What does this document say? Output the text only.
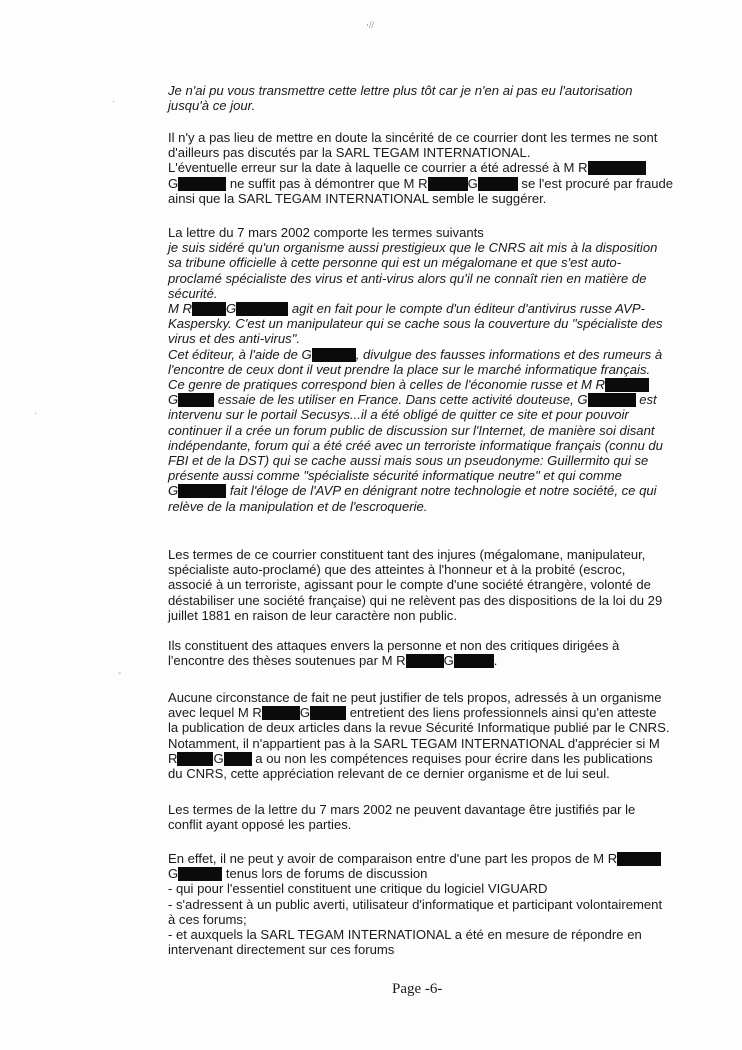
·//
Je n'ai pu vous transmettre cette lettre plus tôt car je n'en ai pas eu l'autorisation
jusqu'à ce jour.
Il n'y a pas lieu de mettre en doute la sincérité de ce courrier dont les termes ne sont
d'ailleurs pas discutés par la SARL TEGAM INTERNATIONAL.
L'éventuelle erreur sur la date à laquelle ce courrier a été adressé à M R
G	ne suffit pas à démontrer que M R	G	se l'est procuré par fraude
ainsi que la SARL TEGAM INTERNATIONAL semble le suggérer.
La lettre du 7 mars 2002 comporte les termes suivants
je suis sidéré qu'un organisme aussi prestigieux que le CNRS ait mis à la disposition
sa tribune officielle à cette personne qui est un mégalomane et que s'est auto-
proclamé spécialiste des virus et anti-virus alors qu'il ne connaît rien en matière de
sécurité.
M R	G	agit en fait pour le compte d'un éditeur d'antivirus russe AVP-
Kaspersky. C'est un manipulateur qui se cache sous la couverture du "spécialiste des
virus et des anti-virus".
Cet éditeur, à l'aide de G	, divulgue des fausses informations et des rumeurs à
l'encontre de ceux dont il veut prendre la place sur le marché informatique français.
Ce genre de pratiques correspond bien à celles de l'économie russe et M R
G	essaie de les utiliser en France. Dans cette activité douteuse, G	est
intervenu sur le portail Secusys...il a été obligé de quitter ce site et pour pouvoir
continuer il a crée un forum public de discussion sur l'Internet, de manière soi disant
indépendante, forum qui a été créé avec un terroriste informatique français (connu du
FBI et de la DST) qui se cache aussi mais sous un pseudonyme: Guillermito qui se
présente aussi comme "spécialiste sécurité informatique neutre" et qui comme
G	fait l'éloge de l'AVP en dénigrant notre technologie et notre société, ce qui
relève de la manipulation et de l'escroquerie.
Les termes de ce courrier constituent tant des injures (mégalomane, manipulateur,
spécialiste auto-proclamé) que des atteintes à l'honneur et à la probité (escroc,
associé à un terroriste, agissant pour le compte d'une société étrangère, volonté de
déstabiliser une société française) qui ne relèvent pas des dispositions de la loi du 29
juillet 1881 en raison de leur caractère non public.
Ils constituent des attaques envers la personne et non des critiques dirigées à
l'encontre des thèses soutenues par M R	G	.
Aucune circonstance de fait ne peut justifier de tels propos, adressés à un organisme
avec lequel M R	G	entretient des liens professionnels ainsi qu'en atteste
la publication de deux articles dans la revue Sécurité Informatique publié par le CNRS.
Notamment, il n'appartient pas à la SARL TEGAM INTERNATIONAL d'apprécier si M
R	G a ou non les compétences requises pour écrire dans les publications
du CNRS, cette appréciation relevant de ce dernier organisme et de lui seul.
Les termes de la lettre du 7 mars 2002 ne peuvent davantage être justifiés par le
conflit ayant opposé les parties.
En effet, il ne peut y avoir de comparaison entre d'une part les propos de M R
G	tenus lors de forums de discussion
- qui pour l'essentiel constituent une critique du logiciel VIGUARD
- s'adressent à un public averti, utilisateur d'informatique et participant volontairement
à ces forums;
- et auxquels la SARL TEGAM INTERNATIONAL a été en mesure de répondre en
intervenant directement sur ces forums
Page -6-
·
·
-
